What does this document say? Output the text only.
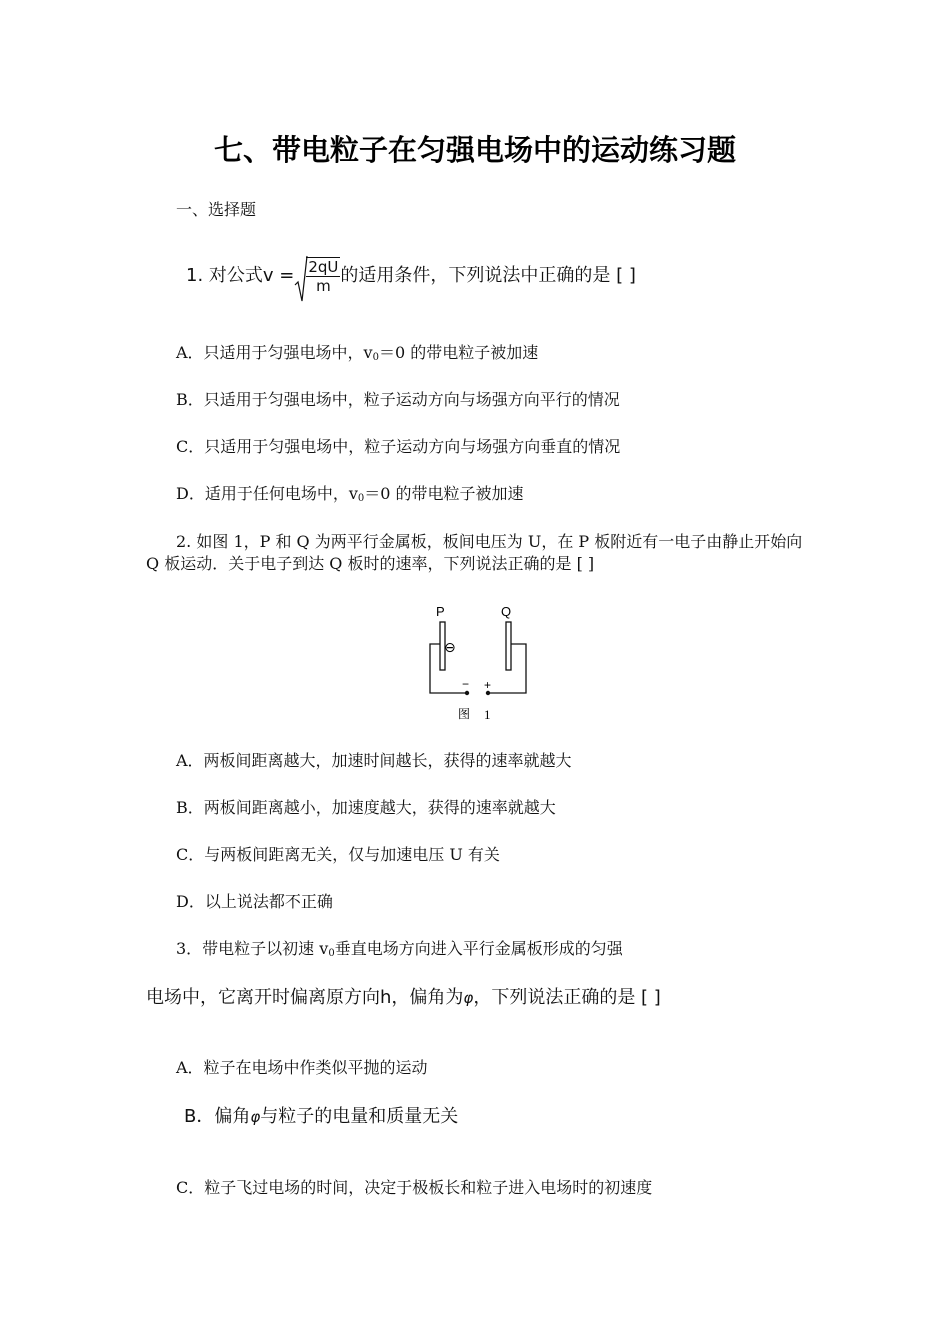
七、带电粒子在匀强电场中的运动练习题

一、选择题

1. 对公式$v = \frac{2qU}{m}$ 的适用条件，下列说法中正确的是 [ ]

A．只适用于匀强电场中，$v_0=0$ 的带电粒子被加速

B．只适用于匀强电场中，粒子运动方向与场强方向平行的情况

C．只适用于匀强电场中，粒子运动方向与场强方向垂直的情况

D．适用于任何电场中，$v_0=0$ 的带电粒子被加速

2. 如图 1，P 和 Q 为两平行金属板，板间电压为 U，在 P 板附近有一电子由静止开始向 Q 板运动．关于电子到达 Q 板时的速率，下列说法正确的是 [ ]

P	Q
⊖
− +
图 1

A．两板间距离越大，加速时间越长，获得的速率就越大

B．两板间距离越小，加速度越大，获得的速率就越大

C．与两板间距离无关，仅与加速电压 U 有关

D．以上说法都不正确

3．带电粒子以初速 $v_0$垂直电场方向进入平行金属板形成的匀强

电场中，它离开时偏离原方向h，偏角为φ，下列说法正确的是 [ ]

A．粒子在电场中作类似平抛的运动

B．偏角φ与粒子的电量和质量无关

C．粒子飞过电场的时间，决定于极板长和粒子进入电场时的初速度
